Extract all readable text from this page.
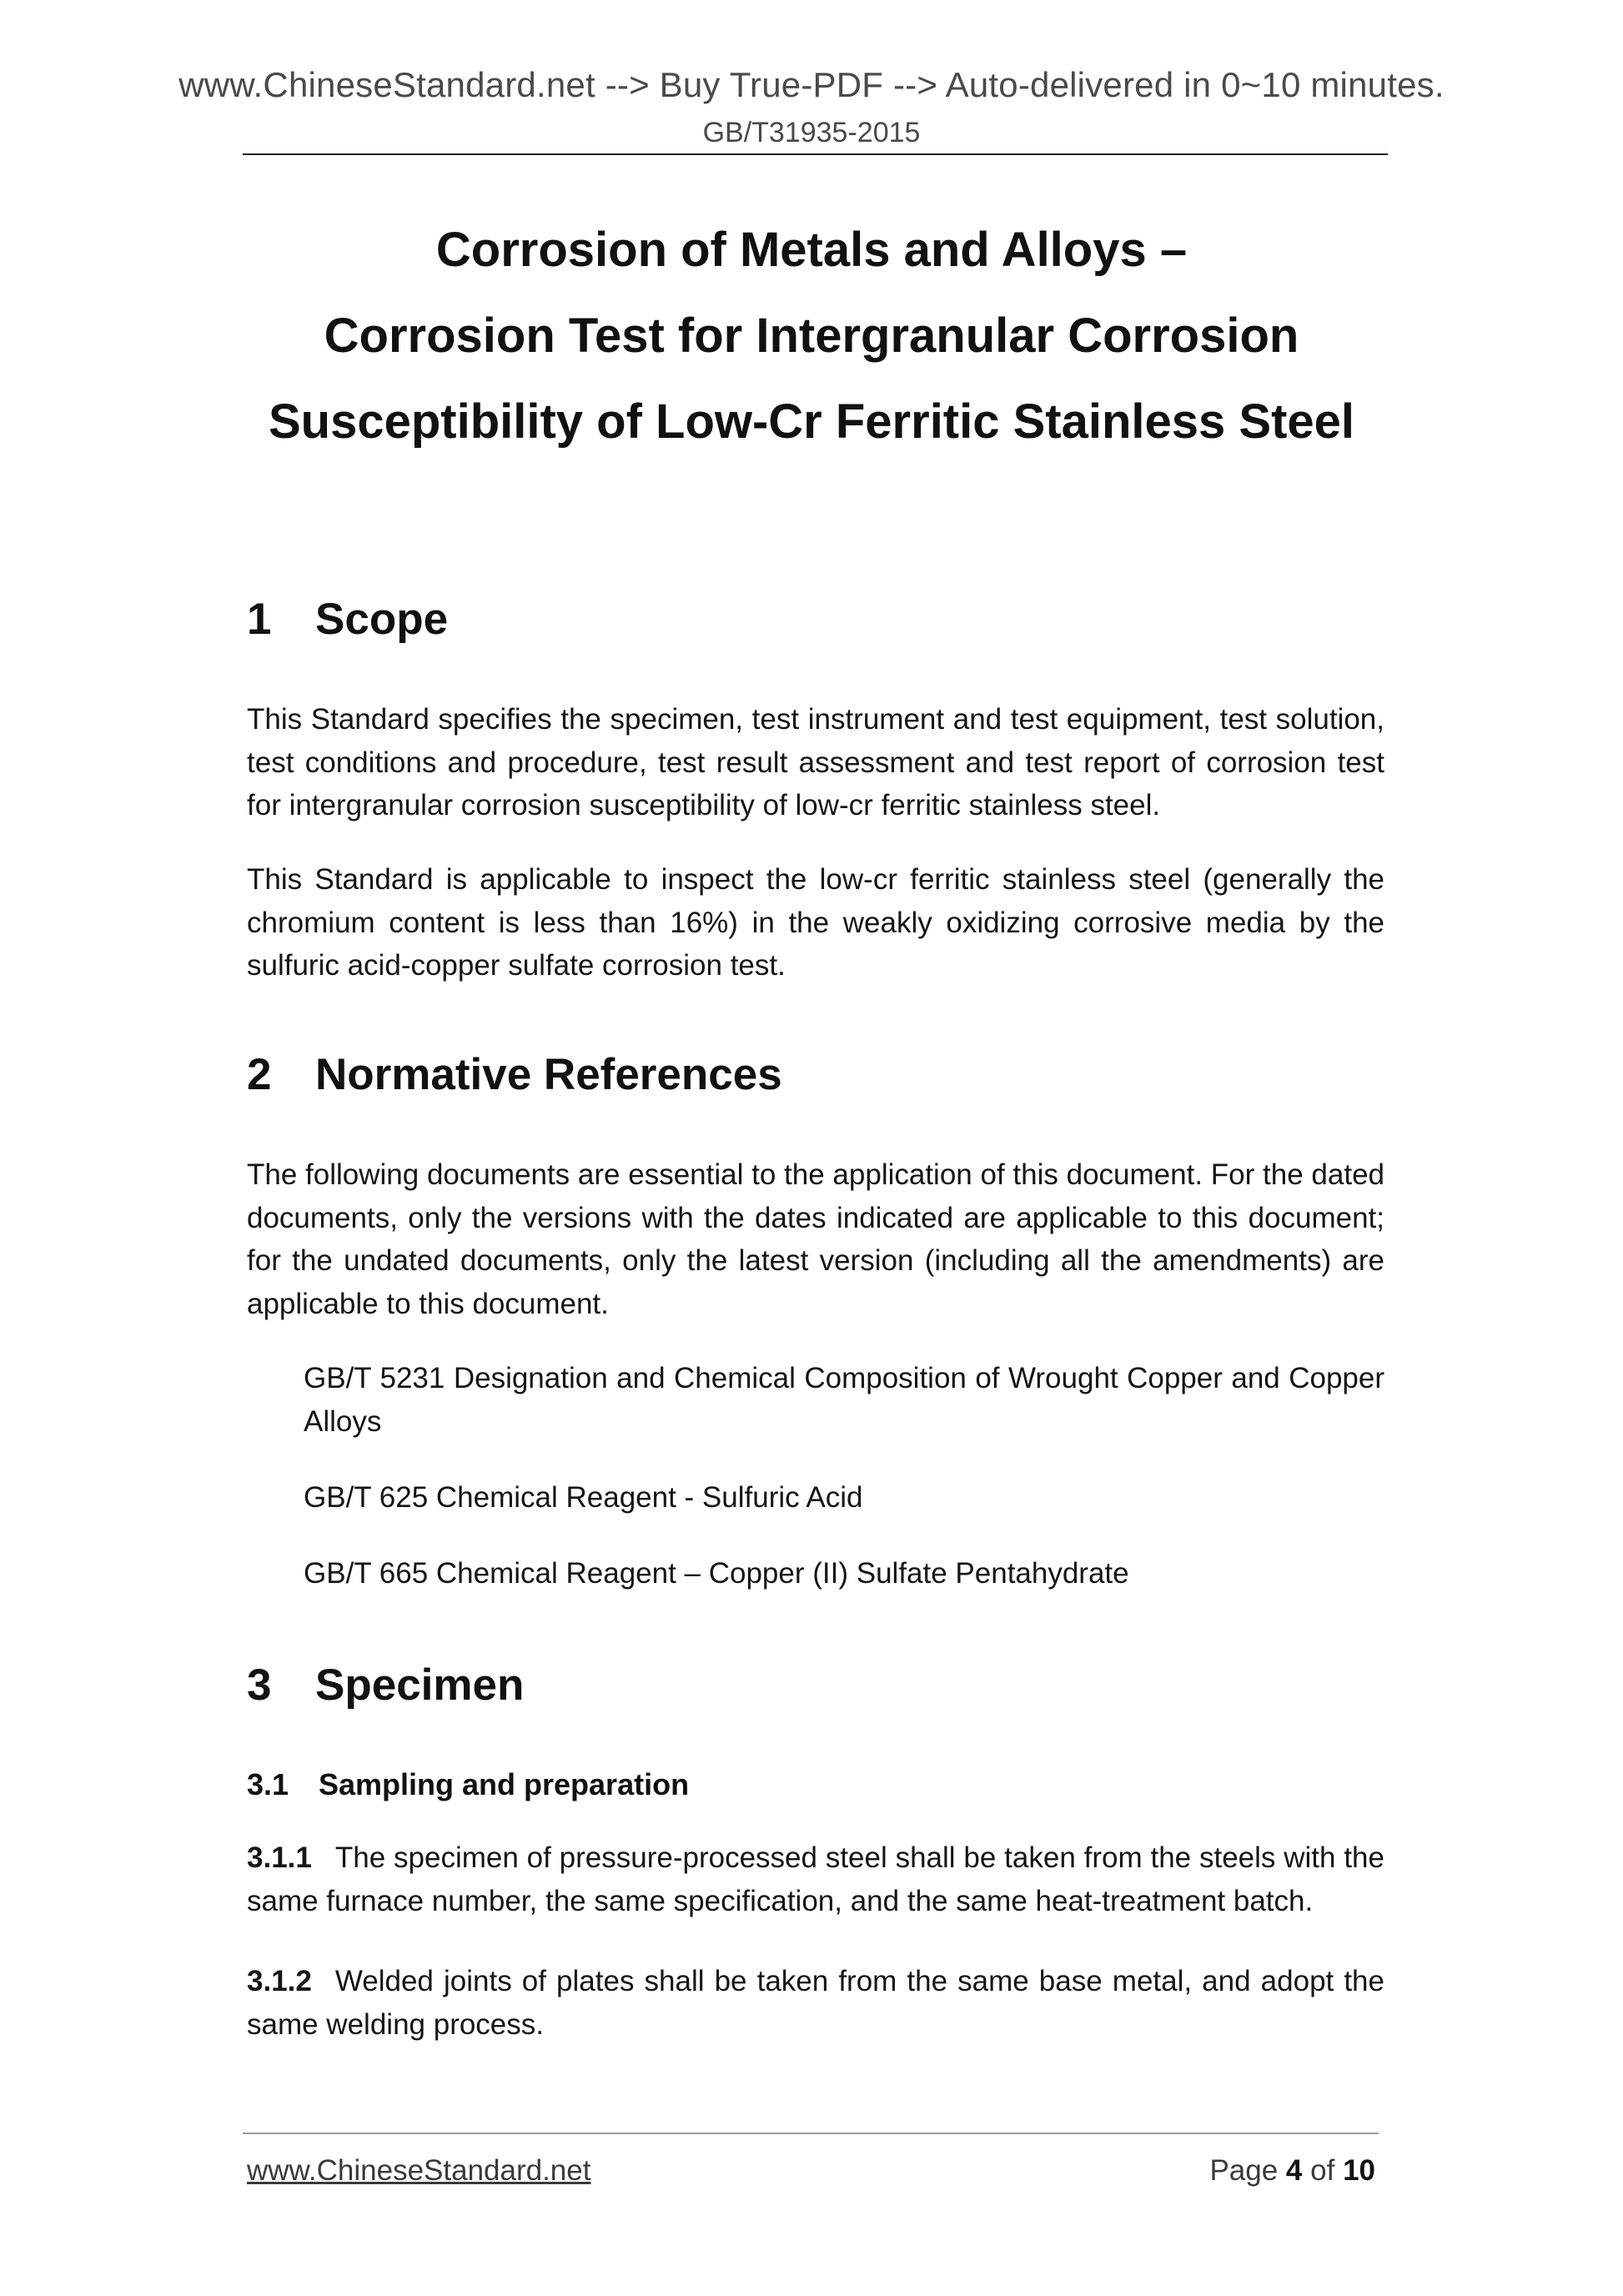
www.ChineseStandard.net --> Buy True-PDF --> Auto-delivered in 0~10 minutes.
GB/T31935-2015
Corrosion of Metals and Alloys –
Corrosion Test for Intergranular Corrosion
Susceptibility of Low-Cr Ferritic Stainless Steel
1 Scope
This Standard specifies the specimen, test instrument and test equipment, test solution, test conditions and procedure, test result assessment and test report of corrosion test for intergranular corrosion susceptibility of low-cr ferritic stainless steel.
This Standard is applicable to inspect the low-cr ferritic stainless steel (generally the chromium content is less than 16%) in the weakly oxidizing corrosive media by the sulfuric acid-copper sulfate corrosion test.
2 Normative References
The following documents are essential to the application of this document. For the dated documents, only the versions with the dates indicated are applicable to this document; for the undated documents, only the latest version (including all the amendments) are applicable to this document.
GB/T 5231 Designation and Chemical Composition of Wrought Copper and Copper Alloys
GB/T 625 Chemical Reagent - Sulfuric Acid
GB/T 665 Chemical Reagent – Copper (II) Sulfate Pentahydrate
3 Specimen
3.1 Sampling and preparation
3.1.1 The specimen of pressure-processed steel shall be taken from the steels with the same furnace number, the same specification, and the same heat-treatment batch.
3.1.2 Welded joints of plates shall be taken from the same base metal, and adopt the same welding process.
www.ChineseStandard.net	Page 4 of 10
